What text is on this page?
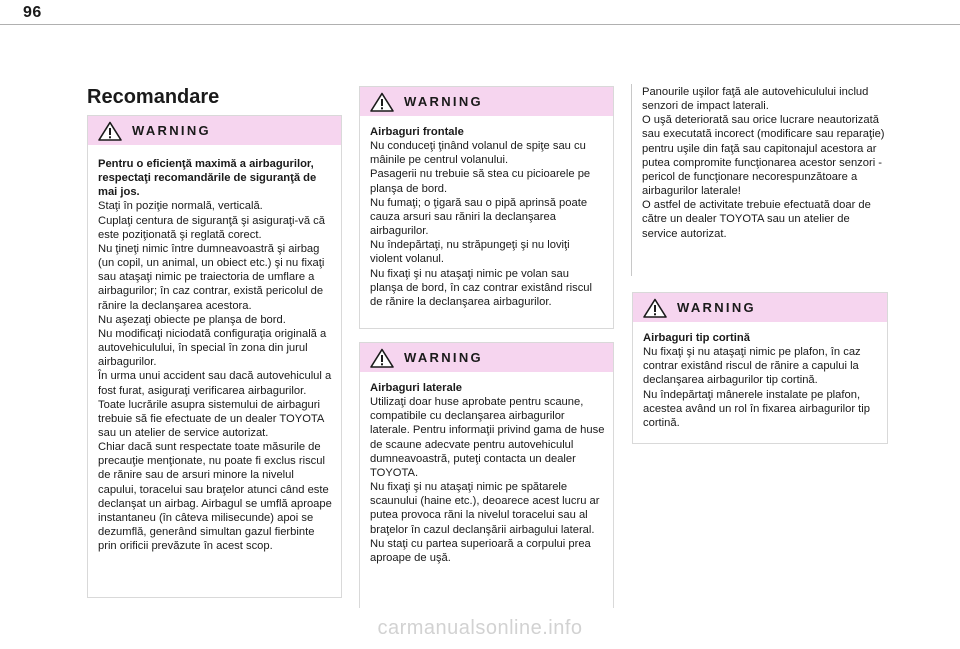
96
Recomandare
WARNING

Pentru o eficienţă maximă a airbagurilor, respectaţi recomandările de siguranţă de mai jos.

Staţi în poziţie normală, verticală.
Cuplaţi centura de siguranţă şi asiguraţi-vă că este poziţionată şi reglată corect.
Nu ţineţi nimic între dumneavoastră şi airbag (un copil, un animal, un obiect etc.) şi nu fixaţi sau ataşaţi nimic pe traiectoria de umflare a airbagurilor; în caz contrar, există pericolul de rănire la declanşarea acestora.
Nu aşezaţi obiecte pe planşa de bord.
Nu modificaţi niciodată configuraţia originală a autovehiculului, în special în zona din jurul airbagurilor.
În urma unui accident sau dacă autovehiculul a fost furat, asiguraţi verificarea airbagurilor.
Toate lucrările asupra sistemului de airbaguri trebuie să fie efectuate de un dealer TOYOTA sau un atelier de service autorizat.
Chiar dacă sunt respectate toate măsurile de precauţie menţionate, nu poate fi exclus riscul de rănire sau de arsuri minore la nivelul capului, toracelui sau braţelor atunci când este declanşat un airbag. Airbagul se umflă aproape instantaneu (în câteva milisecunde) apoi se dezumflă, generând simultan gazul fierbinte prin orificii prevăzute în acest scop.

WARNING

Airbaguri frontale

Nu conduceţi ţinând volanul de spiţe sau cu mâinile pe centrul volanului.
Pasagerii nu trebuie să stea cu picioarele pe planşa de bord.
Nu fumaţi; o ţigară sau o pipă aprinsă poate cauza arsuri sau răniri la declanşarea airbagurilor.
Nu îndepărtaţi, nu străpungeţi şi nu loviţi violent volanul.
Nu fixaţi şi nu ataşaţi nimic pe volan sau planşa de bord, în caz contrar existând riscul de rănire la declanşarea airbagurilor.

WARNING

Airbaguri laterale

Utilizaţi doar huse aprobate pentru scaune, compatibile cu declanşarea airbagurilor laterale. Pentru informaţii privind gama de huse de scaune adecvate pentru autovehiculul dumneavoastră, puteţi contacta un dealer TOYOTA.
Nu fixaţi şi nu ataşaţi nimic pe spătarele scaunului (haine etc.), deoarece acest lucru ar putea provoca răni la nivelul toracelui sau al braţelor în cazul declanşării airbagului lateral.
Nu staţi cu partea superioară a corpului prea aproape de uşă.

Panourile uşilor faţă ale autovehiculului includ senzori de impact laterali.
O uşă deteriorată sau orice lucrare neautorizată sau executată incorect (modificare sau reparaţie) pentru uşile din faţă sau capitonajul acestora ar putea compromite funcţionarea acestor senzori - pericol de funcţionare necorespunzătoare a airbagurilor laterale!
O astfel de activitate trebuie efectuată doar de către un dealer TOYOTA sau un atelier de service autorizat.
WARNING

Airbaguri tip cortină

Nu fixaţi şi nu ataşaţi nimic pe plafon, în caz contrar existând riscul de rănire a capului la declanşarea airbagurilor tip cortină.
Nu îndepărtaţi mânerele instalate pe plafon, acestea având un rol în fixarea airbagurilor tip cortină.

carmanualsonline.info
